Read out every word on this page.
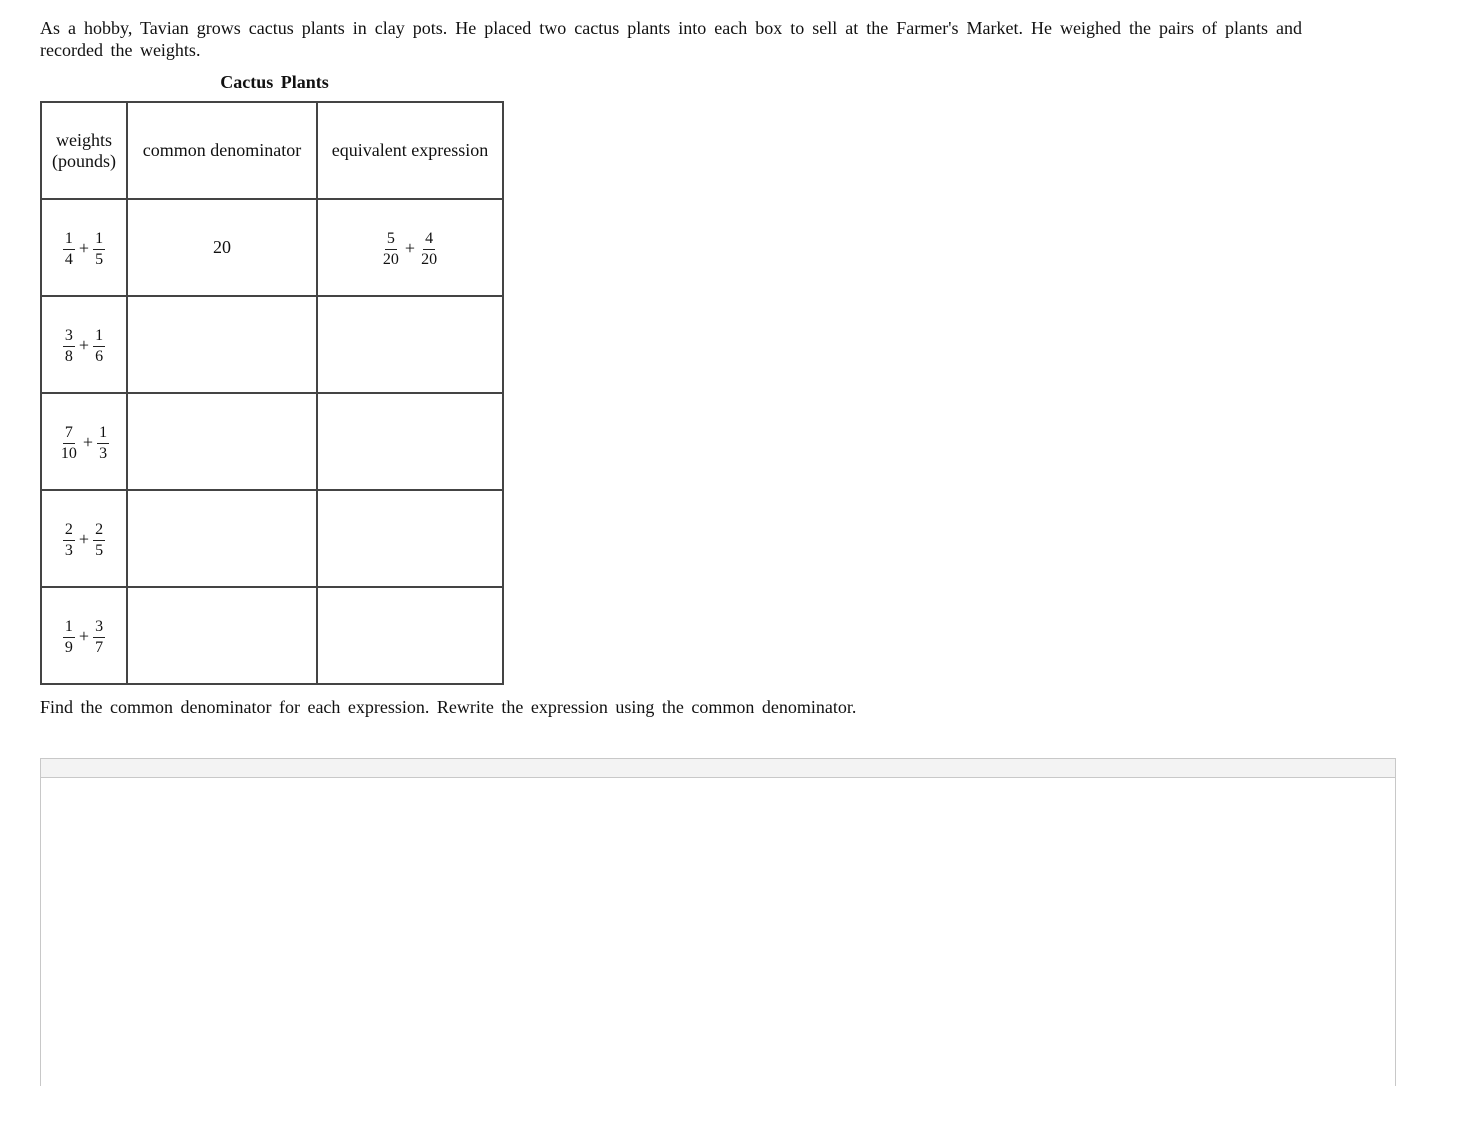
As a hobby, Tavian grows cactus plants in clay pots. He placed two cactus plants into each box to sell at the Farmer's Market. He weighed the pairs of plants and recorded the weights.
Cactus Plants
weights
(pounds)	common denominator	equivalent expression

$\frac{1}{4} + \frac{1}{5}$	20	$\frac{5}{20} + \frac{4}{20}$

$\frac{3}{8} + \frac{1}{6}$

$\frac{7}{10} + \frac{1}{3}$

$\frac{2}{3} + \frac{2}{5}$

$\frac{1}{9} + \frac{3}{7}$

Find the common denominator for each expression. Rewrite the expression using the common denominator.
